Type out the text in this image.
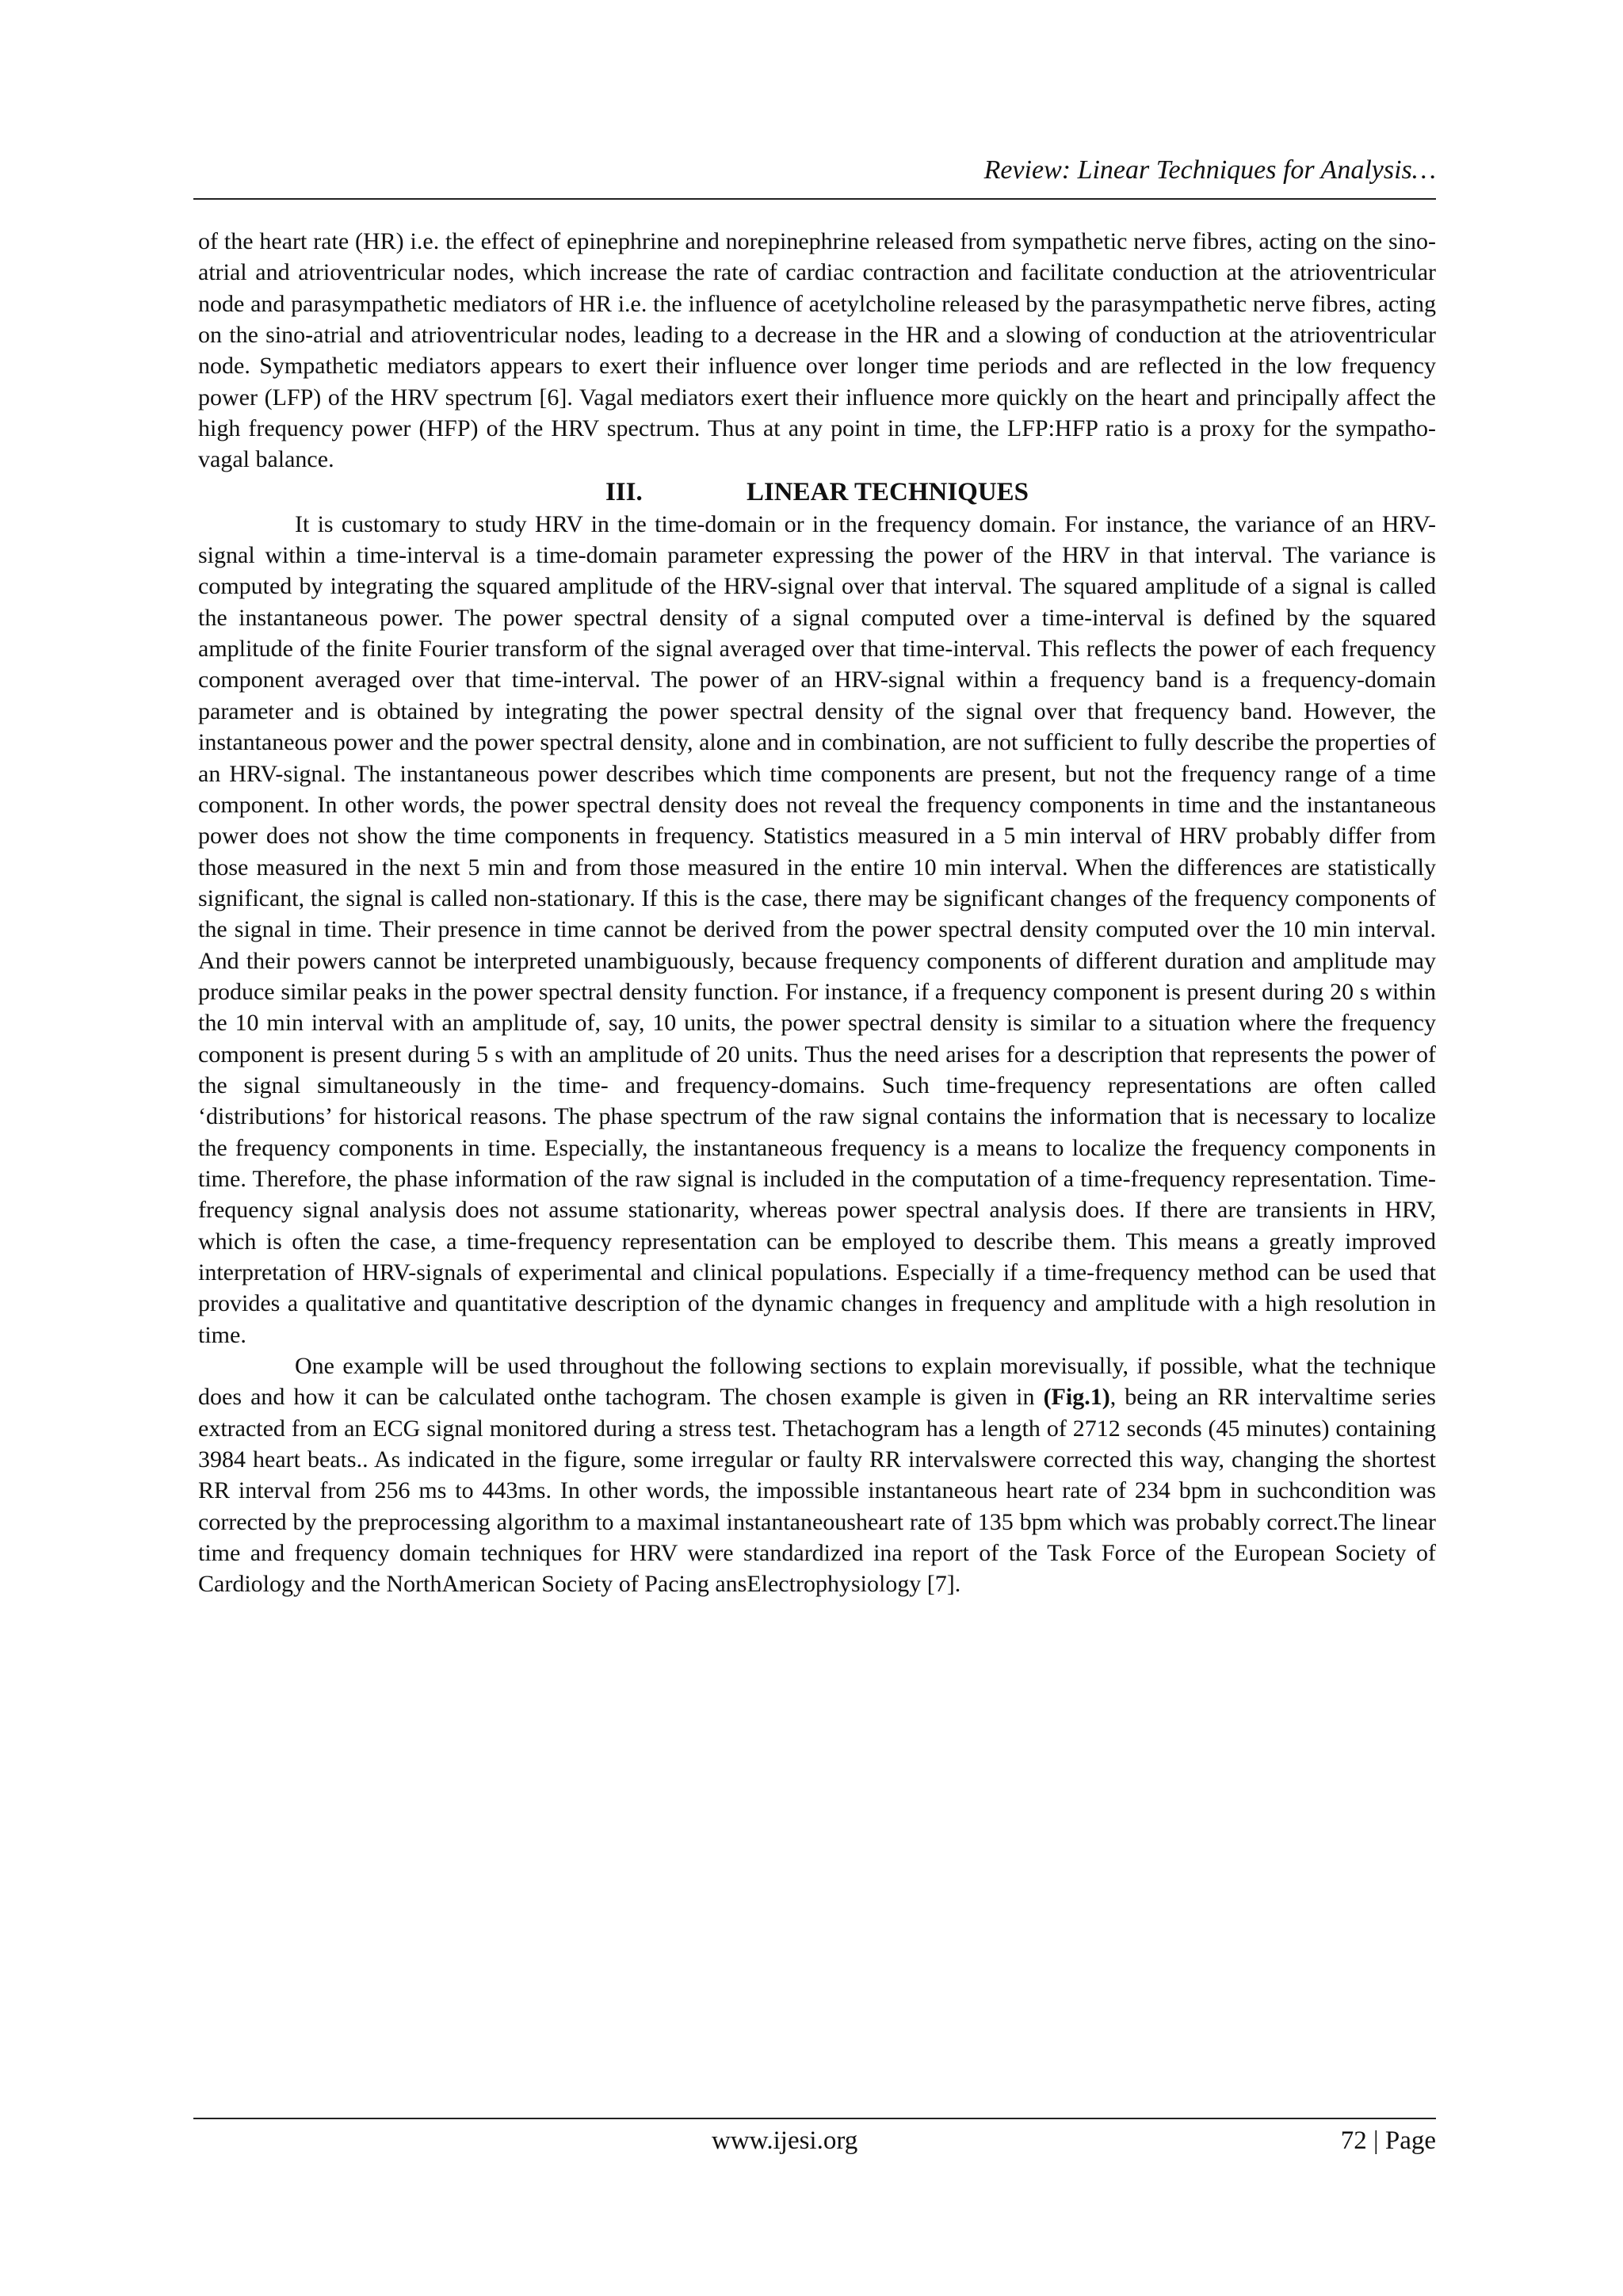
Review: Linear Techniques for Analysis…

of the heart rate (HR) i.e. the effect of epinephrine and norepinephrine released from sympathetic nerve fibres, acting on the sino-atrial and atrioventricular nodes, which increase the rate of cardiac contraction and facilitate conduction at the atrioventricular node and parasympathetic mediators of HR i.e. the influence of acetylcholine released by the parasympathetic nerve fibres, acting on the sino-atrial and atrioventricular nodes, leading to a decrease in the HR and a slowing of conduction at the atrioventricular node. Sympathetic mediators appears to exert their influence over longer time periods and are reflected in the low frequency power (LFP) of the HRV spectrum [6]. Vagal mediators exert their influence more quickly on the heart and principally affect the high frequency power (HFP) of the HRV spectrum. Thus at any point in time, the LFP:HFP ratio is a proxy for the sympatho-vagal balance.

III.	LINEAR TECHNIQUES

It is customary to study HRV in the time-domain or in the frequency domain. For instance, the variance of an HRV-signal within a time-interval is a time-domain parameter expressing the power of the HRV in that interval. The variance is computed by integrating the squared amplitude of the HRV-signal over that interval. The squared amplitude of a signal is called the instantaneous power. The power spectral density of a signal computed over a time-interval is defined by the squared amplitude of the finite Fourier transform of the signal averaged over that time-interval. This reflects the power of each frequency component averaged over that time-interval. The power of an HRV-signal within a frequency band is a frequency-domain parameter and is obtained by integrating the power spectral density of the signal over that frequency band. However, the instantaneous power and the power spectral density, alone and in combination, are not sufficient to fully describe the properties of an HRV-signal. The instantaneous power describes which time components are present, but not the frequency range of a time component. In other words, the power spectral density does not reveal the frequency components in time and the instantaneous power does not show the time components in frequency. Statistics measured in a 5 min interval of HRV probably differ from those measured in the next 5 min and from those measured in the entire 10 min interval. When the differences are statistically significant, the signal is called non-stationary. If this is the case, there may be significant changes of the frequency components of the signal in time. Their presence in time cannot be derived from the power spectral density computed over the 10 min interval. And their powers cannot be interpreted unambiguously, because frequency components of different duration and amplitude may produce similar peaks in the power spectral density function. For instance, if a frequency component is present during 20 s within the 10 min interval with an amplitude of, say, 10 units, the power spectral density is similar to a situation where the frequency component is present during 5 s with an amplitude of 20 units. Thus the need arises for a description that represents the power of the signal simultaneously in the time- and frequency-domains. Such time-frequency representations are often called ‘distributions’ for historical reasons. The phase spectrum of the raw signal contains the information that is necessary to localize the frequency components in time. Especially, the instantaneous frequency is a means to localize the frequency components in time. Therefore, the phase information of the raw signal is included in the computation of a time-frequency representation. Time-frequency signal analysis does not assume stationarity, whereas power spectral analysis does. If there are transients in HRV, which is often the case, a time-frequency representation can be employed to describe them. This means a greatly improved interpretation of HRV-signals of experimental and clinical populations. Especially if a time-frequency method can be used that provides a qualitative and quantitative description of the dynamic changes in frequency and amplitude with a high resolution in time.

One example will be used throughout the following sections to explain morevisually, if possible, what the technique does and how it can be calculated onthe tachogram. The chosen example is given in (Fig.1), being an RR intervaltime series extracted from an ECG signal monitored during a stress test. Thetachogram has a length of 2712 seconds (45 minutes) containing 3984 heart beats.. As indicated in the figure, some irregular or faulty RR intervalswere corrected this way, changing the shortest RR interval from 256 ms to 443ms. In other words, the impossible instantaneous heart rate of 234 bpm in suchcondition was corrected by the preprocessing algorithm to a maximal instantaneousheart rate of 135 bpm which was probably correct.The linear time and frequency domain techniques for HRV were standardized ina report of the Task Force of the European Society of Cardiology and the NorthAmerican Society of Pacing ansElectrophysiology [7].

www.ijesi.org	72 | Page
